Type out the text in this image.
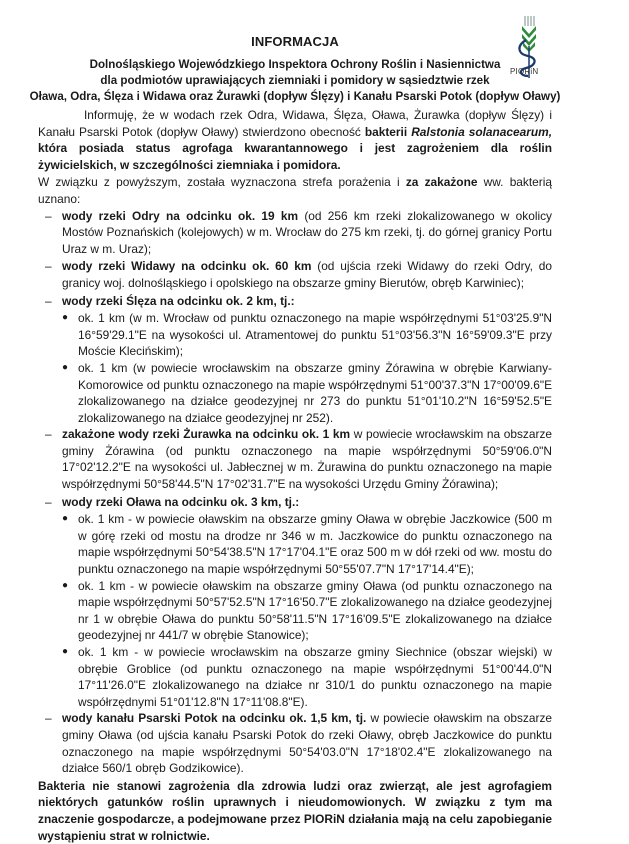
INFORMACJA
Dolnośląskiego Wojewódzkiego Inspektora Ochrony Roślin i Nasiennictwa
dla podmiotów uprawiających ziemniaki i pomidory w sąsiedztwie rzek
Oława, Odra, Ślęza i Widawa oraz Żurawki (dopływ Ślęzy) i Kanału Psarski Potok (dopływ Oławy)
PIORiN

Informuję, że w wodach rzek Odra, Widawa, Ślęza, Oława, Żurawka (dopływ Ślęzy) i Kanału Psarski Potok (dopływ Oławy) stwierdzono obecność bakterii Ralstonia solanacearum, która posiada status agrofaga kwarantannowego i jest zagrożeniem dla roślin żywicielskich, w szczególności ziemniaka i pomidora.

W związku z powyższym, została wyznaczona strefa porażenia i za zakażone ww. bakterią uznano:

– wody rzeki Odry na odcinku ok. 19 km (od 256 km rzeki zlokalizowanego w okolicy Mostów Poznańskich (kolejowych) w m. Wrocław do 275 km rzeki, tj. do górnej granicy Portu Uraz w m. Uraz);
– wody rzeki Widawy na odcinku ok. 60 km (od ujścia rzeki Widawy do rzeki Odry, do granicy woj. dolnośląskiego i opolskiego na obszarze gminy Bierutów, obręb Karwiniec);
– wody rzeki Ślęza na odcinku ok. 2 km, tj.:
● ok. 1 km (w m. Wrocław od punktu oznaczonego na mapie współrzędnymi 51°03'25.9"N 16°59'29.1"E na wysokości ul. Atramentowej do punktu 51°03'56.3"N 16°59'09.3"E przy Moście Klecińskim);
● ok. 1 km (w powiecie wrocławskim na obszarze gminy Żórawina w obrębie Karwiany-Komorowice od punktu oznaczonego na mapie współrzędnymi 51°00'37.3"N 17°00'09.6"E zlokalizowanego na działce geodezyjnej nr 273 do punktu 51°01'10.2"N 16°59'52.5"E zlokalizowanego na działce geodezyjnej nr 252).
– zakażone wody rzeki Żurawka na odcinku ok. 1 km w powiecie wrocławskim na obszarze gminy Żórawina (od punktu oznaczonego na mapie współrzędnymi 50°59'06.0"N 17°02'12.2"E na wysokości ul. Jabłecznej w m. Żurawina do punktu oznaczonego na mapie współrzędnymi 50°58'44.5"N 17°02'31.7"E na wysokości Urzędu Gminy Żórawina);
– wody rzeki Oława na odcinku ok. 3 km, tj.:
● ok. 1 km - w powiecie oławskim na obszarze gminy Oława w obrębie Jaczkowice (500 m w górę rzeki od mostu na drodze nr 346 w m. Jaczkowice do punktu oznaczonego na mapie współrzędnymi 50°54'38.5"N 17°17'04.1"E oraz 500 m w dół rzeki od ww. mostu do punktu oznaczonego na mapie współrzędnymi 50°55'07.7"N 17°17'14.4"E);
● ok. 1 km - w powiecie oławskim na obszarze gminy Oława (od punktu oznaczonego na mapie współrzędnymi 50°57'52.5"N 17°16'50.7"E zlokalizowanego na działce geodezyjnej nr 1 w obrębie Oława do punktu 50°58'11.5"N 17°16'09.5"E zlokalizowanego na działce geodezyjnej nr 441/7 w obrębie Stanowice);
● ok. 1 km - w powiecie wrocławskim na obszarze gminy Siechnice (obszar wiejski) w obrębie Groblice (od punktu oznaczonego na mapie współrzędnymi 51°00'44.0"N 17°11'26.0"E zlokalizowanego na działce nr 310/1 do punktu oznaczonego na mapie współrzędnymi 51°01'12.8"N 17°11'08.8"E).
– wody kanału Psarski Potok na odcinku ok. 1,5 km, tj. w powiecie oławskim na obszarze gminy Oława (od ujścia kanału Psarski Potok do rzeki Oławy, obręb Jaczkowice do punktu oznaczonego na mapie współrzędnymi 50°54'03.0"N 17°18'02.4"E zlokalizowanego na działce 560/1 obręb Godzikowice).

Bakteria nie stanowi zagrożenia dla zdrowia ludzi oraz zwierząt, ale jest agrofagiem niektórych gatunków roślin uprawnych i nieudomowionych. W związku z tym ma znaczenie gospodarcze, a podejmowane przez PIORiN działania mają na celu zapobieganie wystąpieniu strat w rolnictwie.
